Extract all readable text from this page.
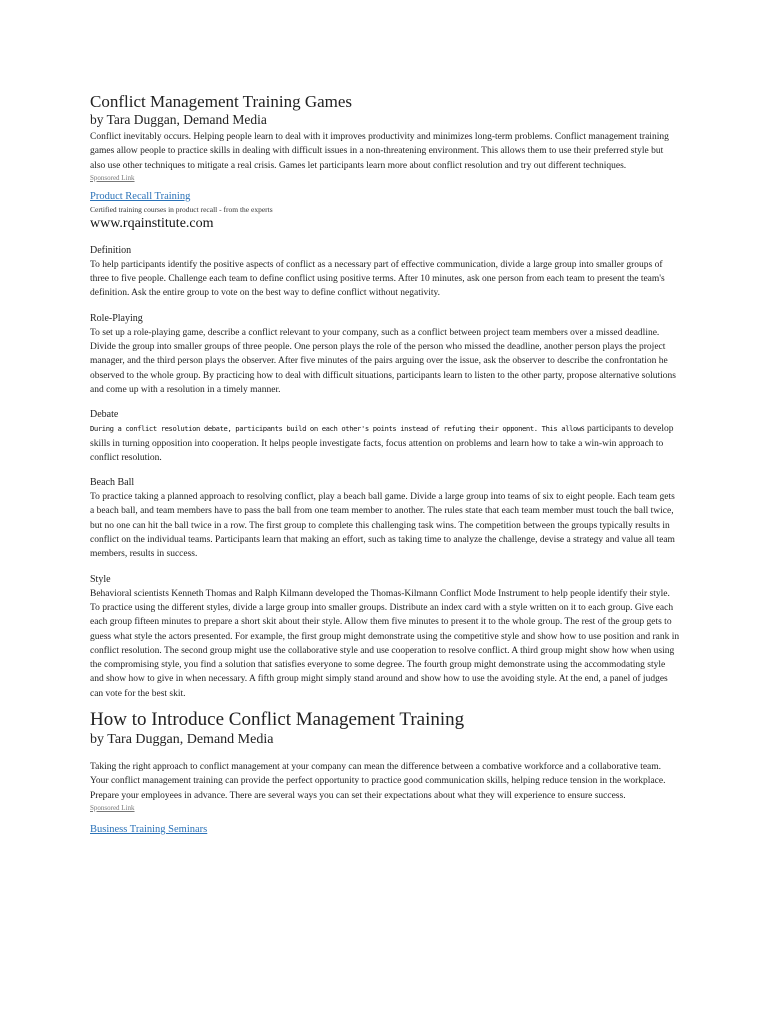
Conflict Management Training Games
by Tara Duggan, Demand Media

Conflict inevitably occurs. Helping people learn to deal with it improves productivity and minimizes long-term problems. Conflict management training games allow people to practice skills in dealing with difficult issues in a non-threatening environment. This allows them to use their preferred style but also use other techniques to mitigate a real crisis. Games let participants learn more about conflict resolution and try out different techniques.

Sponsored Link
Product Recall Training
Certified training courses in product recall - from the experts
www.rqainstitute.com
Definition

To help participants identify the positive aspects of conflict as a necessary part of effective communication, divide a large group into smaller groups of three to five people. Challenge each team to define conflict using positive terms. After 10 minutes, ask one person from each team to present the team's definition. Ask the entire group to vote on the best way to define conflict without negativity.

Role-Playing

To set up a role-playing game, describe a conflict relevant to your company, such as a conflict between project team members over a missed deadline. Divide the group into smaller groups of three people. One person plays the role of the person who missed the deadline, another person plays the project manager, and the third person plays the observer. After five minutes of the pairs arguing over the issue, ask the observer to describe the confrontation he observed to the whole group. By practicing how to deal with difficult situations, participants learn to listen to the other party, propose alternative solutions and come up with a resolution in a timely manner.

Debate

During a conflict resolution debate, participants build on each other's points instead of refuting their opponent. This allows participants to develop skills in turning opposition into cooperation. It helps people investigate facts, focus attention on problems and learn how to take a win-win approach to conflict resolution.

Beach Ball

To practice taking a planned approach to resolving conflict, play a beach ball game. Divide a large group into teams of six to eight people. Each team gets a beach ball, and team members have to pass the ball from one team member to another. The rules state that each team member must touch the ball twice, but no one can hit the ball twice in a row. The first group to complete this challenging task wins. The competition between the groups typically results in conflict on the individual teams. Participants learn that making an effort, such as taking time to analyze the challenge, devise a strategy and value all team members, results in success.

Style

Behavioral scientists Kenneth Thomas and Ralph Kilmann developed the Thomas-Kilmann Conflict Mode Instrument to help people identify their style. To practice using the different styles, divide a large group into smaller groups. Distribute an index card with a style written on it to each group. Give each each group fifteen minutes to prepare a short skit about their style. Allow them five minutes to present it to the whole group. The rest of the group gets to guess what style the actors presented. For example, the first group might demonstrate using the competitive style and show how to use position and rank in conflict resolution. The second group might use the collaborative style and use cooperation to resolve conflict. A third group might show how when using the compromising style, you find a solution that satisfies everyone to some degree. The fourth group might demonstrate using the accommodating style and show how to give in when necessary. A fifth group might simply stand around and show how to use the avoiding style. At the end, a panel of judges can vote for the best skit.

How to Introduce Conflict Management Training
by Tara Duggan, Demand Media

Taking the right approach to conflict management at your company can mean the difference between a combative workforce and a collaborative team. Your conflict management training can provide the perfect opportunity to practice good communication skills, helping reduce tension in the workplace. Prepare your employees in advance. There are several ways you can set their expectations about what they will experience to ensure success.

Sponsored Link
Business Training Seminars
